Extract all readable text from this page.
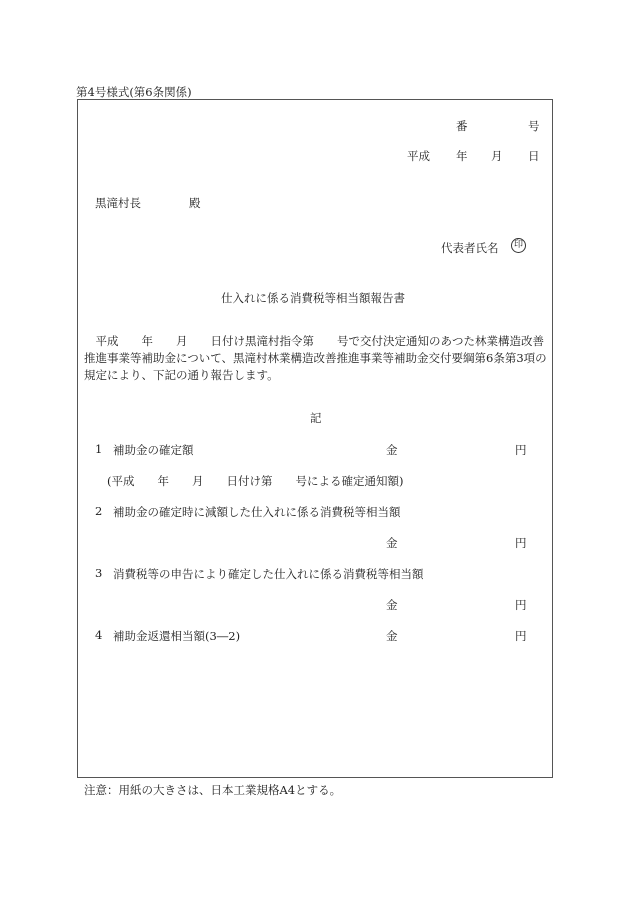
第4号様式(第6条関係)
番	号
平成 年 月 日
黒滝村長	殿
代表者氏名	印
仕入れに係る消費税等相当額報告書
　平成　　年　　月　　日付け黒滝村指令第　　号で交付決定通知のあつた林業構造改善推進事業等補助金について、黒滝村林業構造改善推進事業等補助金交付要綱第6条第3項の規定により、下記の通り報告します。
記
1 補助金の確定額	金	円
(平成　　年　　月　　日付け第　　号による確定通知額)
2 補助金の確定時に減額した仕入れに係る消費税等相当額
金	円
3 消費税等の申告により確定した仕入れに係る消費税等相当額
金	円
4 補助金返還相当額(3―2)	金	円
注意：用紙の大きさは、日本工業規格A4とする。
